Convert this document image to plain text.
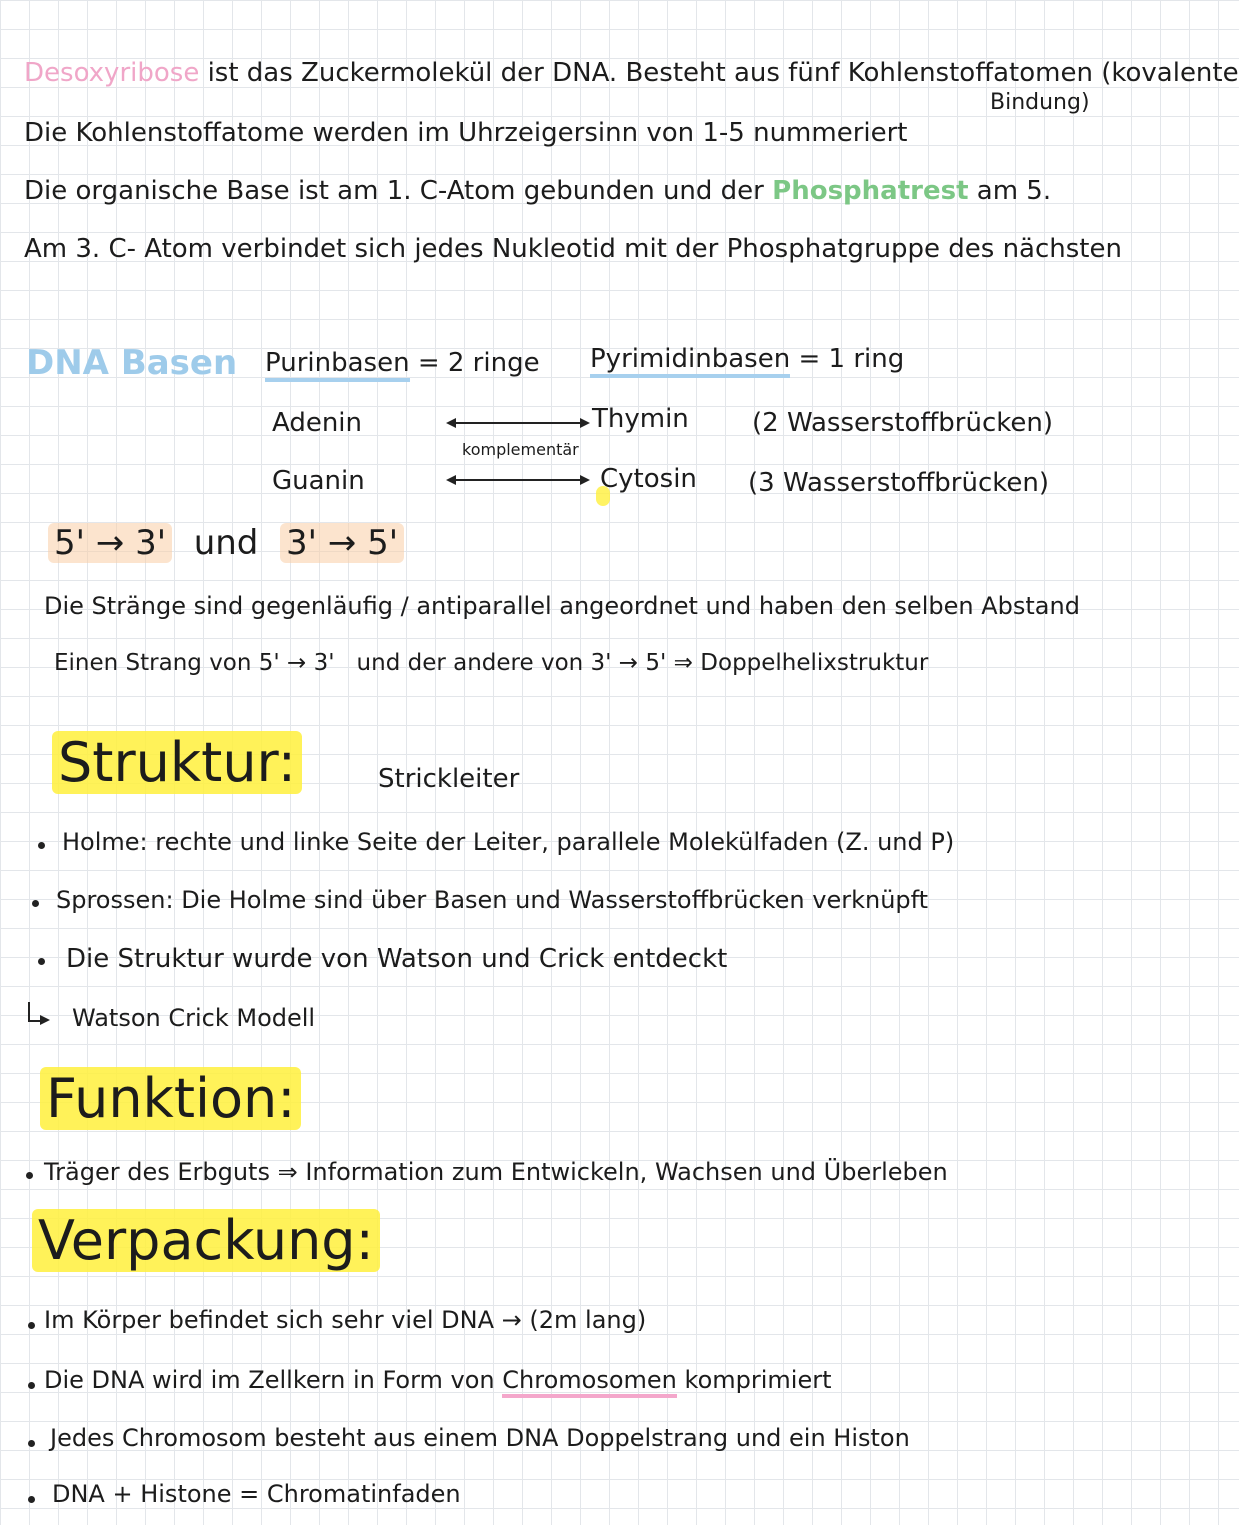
Desoxyribose ist das Zuckermolekül der DNA. Besteht aus fünf Kohlenstoffatomen (kovalente
Bindung)
Die Kohlenstoffatome werden im Uhrzeigersinn von 1-5 nummeriert
Die organische Base ist am 1. C-Atom gebunden und der Phosphatrest am 5.
Am 3. C- Atom verbindet sich jedes Nukleotid mit der Phosphatgruppe des nächsten
DNA Basen Purinbasen = 2 ringe Pyrimidinbasen = 1 ring
Adenin	Thymin (2 Wasserstoffbrücken)
komplementär
Guanin	Cytosin (3 Wasserstoffbrücken)
5' → 3' und 3' → 5'
Die Stränge sind gegenläufig / antiparallel angeordnet und haben den selben Abstand
Einen Strang von 5' → 3' und der andere von 3' → 5' ⇒ Doppelhelixstruktur
Struktur:	Strickleiter
Holme: rechte und linke Seite der Leiter, parallele Molekülfaden (Z. und P)
Sprossen: Die Holme sind über Basen und Wasserstoffbrücken verknüpft
Die Struktur wurde von Watson und Crick entdeckt
Watson Crick Modell
Funktion:
Träger des Erbguts ⇒ Information zum Entwickeln, Wachsen und Überleben
Verpackung:
Im Körper befindet sich sehr viel DNA → (2m lang)
Die DNA wird im Zellkern in Form von Chromosomen komprimiert
Jedes Chromosom besteht aus einem DNA Doppelstrang und ein Histon
DNA + Histone = Chromatinfaden
